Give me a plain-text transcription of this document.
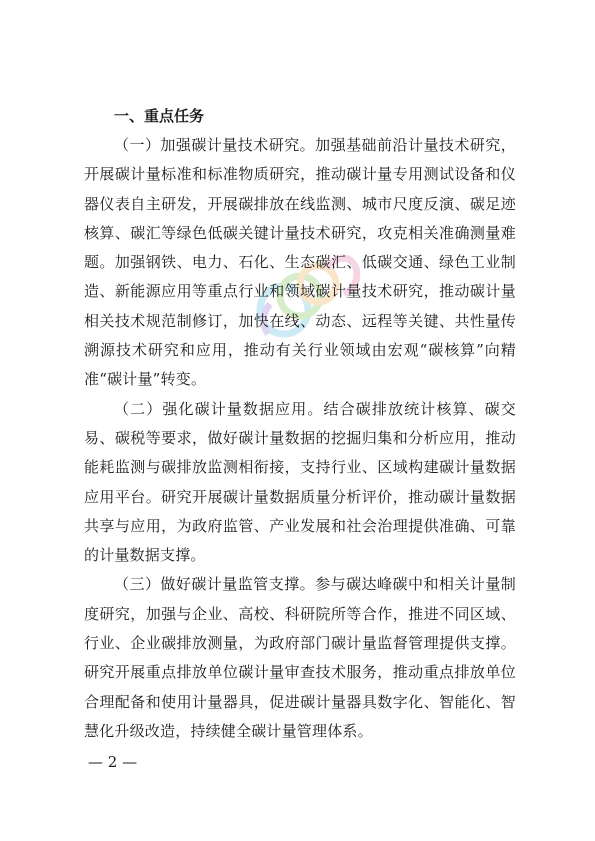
一、重点任务

（一）加强碳计量技术研究。加强基础前沿计量技术研究，开展碳计量标准和标准物质研究，推动碳计量专用测试设备和仪器仪表自主研发，开展碳排放在线监测、城市尺度反演、碳足迹核算、碳汇等绿色低碳关键计量技术研究，攻克相关准确测量难题。加强钢铁、电力、石化、生态碳汇、低碳交通、绿色工业制造、新能源应用等重点行业和领域碳计量技术研究，推动碳计量相关技术规范制修订，加快在线、动态、远程等关键、共性量传溯源技术研究和应用，推动有关行业领域由宏观“碳核算”向精准“碳计量”转变。

（二）强化碳计量数据应用。结合碳排放统计核算、碳交易、碳税等要求，做好碳计量数据的挖掘归集和分析应用，推动能耗监测与碳排放监测相衔接，支持行业、区域构建碳计量数据应用平台。研究开展碳计量数据质量分析评价，推动碳计量数据共享与应用，为政府监管、产业发展和社会治理提供准确、可靠的计量数据支撑。

（三）做好碳计量监管支撑。参与碳达峰碳中和相关计量制度研究，加强与企业、高校、科研院所等合作，推进不同区域、行业、企业碳排放测量，为政府部门碳计量监督管理提供支撑。研究开展重点排放单位碳计量审查技术服务，推动重点排放单位合理配备和使用计量器具，促进碳计量器具数字化、智能化、智慧化升级改造，持续健全碳计量管理体系。

— 2 —
